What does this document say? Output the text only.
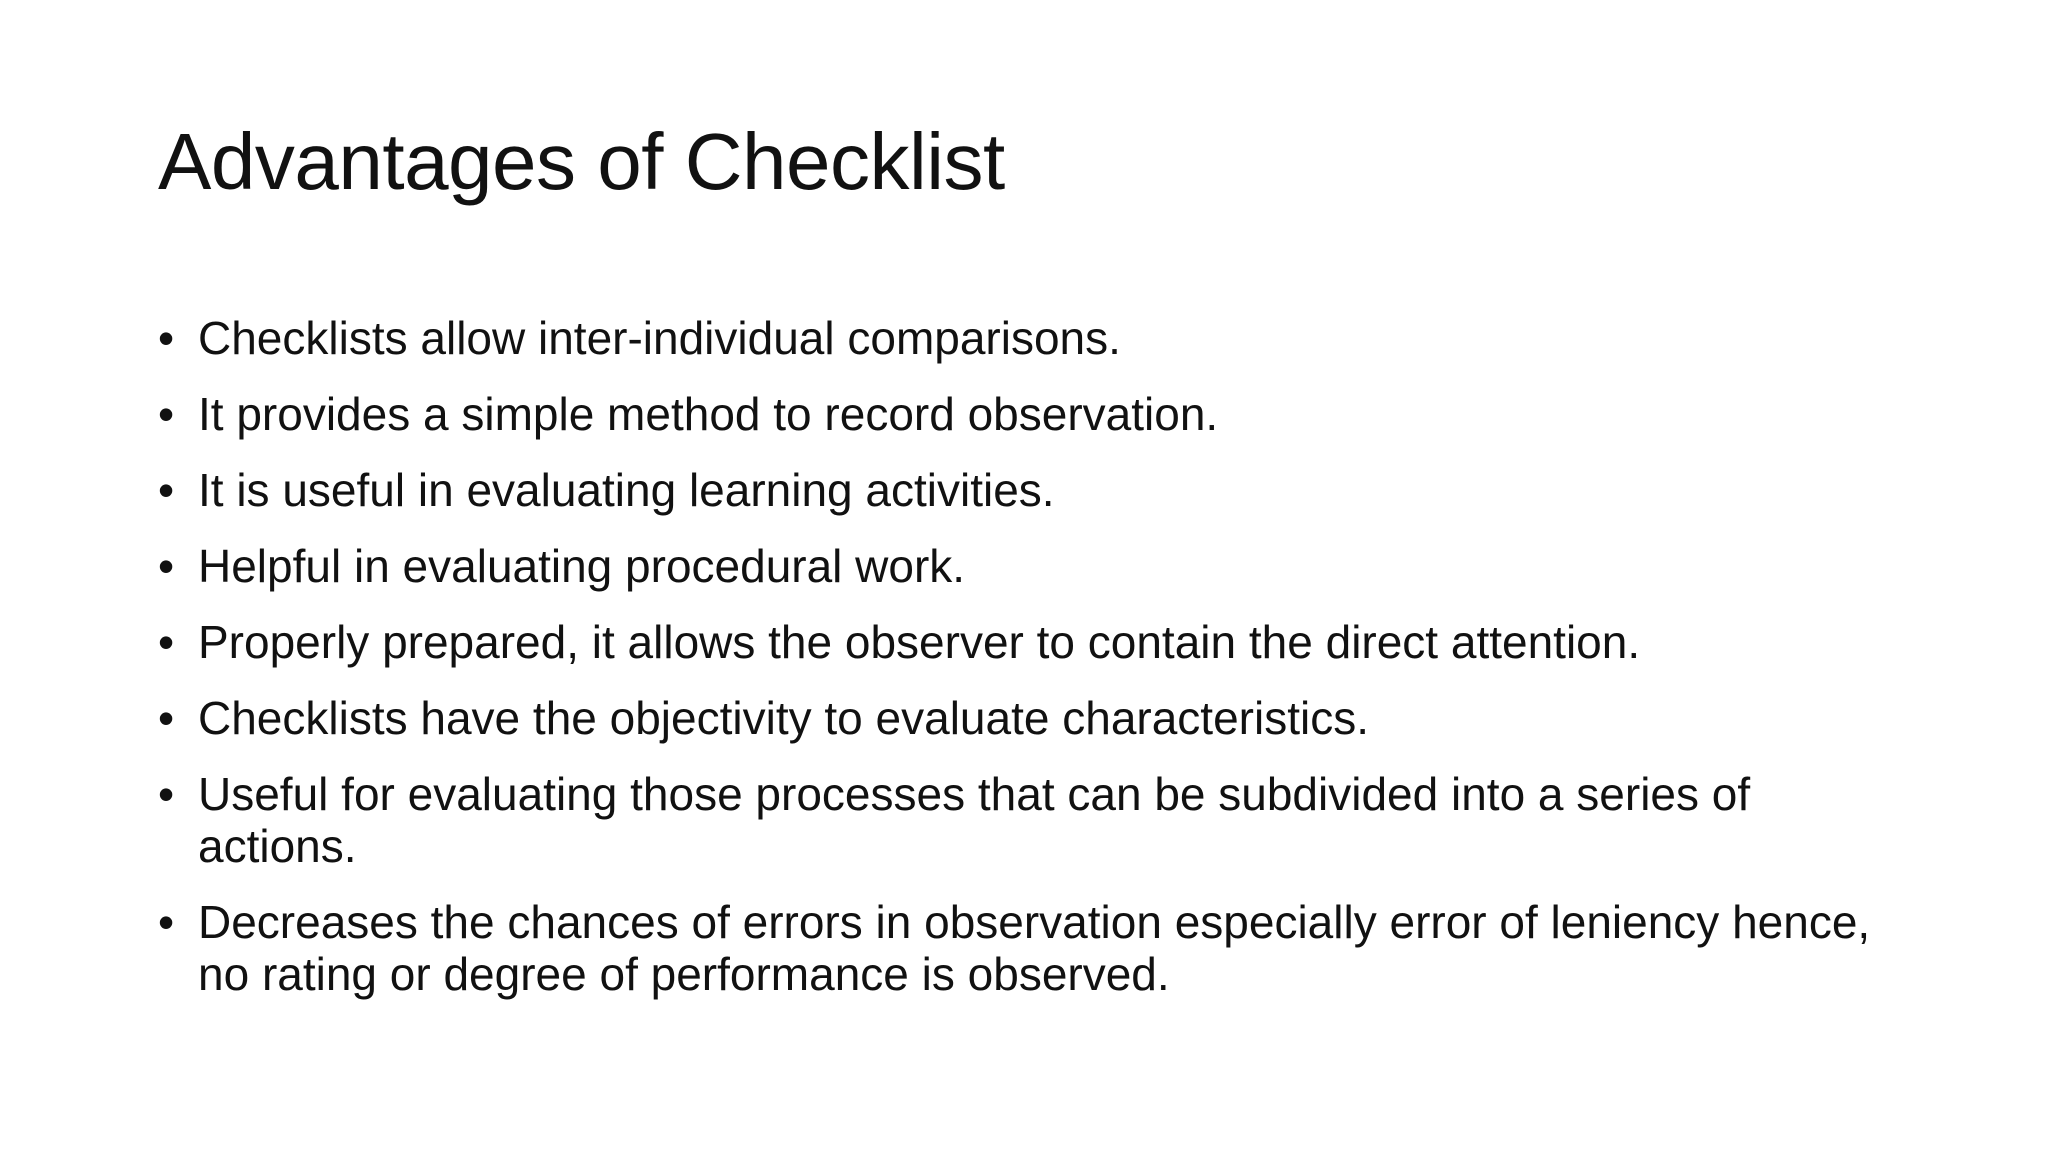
Advantages of Checklist
• Checklists allow inter-individual comparisons.
• It provides a simple method to record observation.
• It is useful in evaluating learning activities.
• Helpful in evaluating procedural work.
• Properly prepared, it allows the observer to contain the direct attention.
• Checklists have the objectivity to evaluate characteristics.
• Useful for evaluating those processes that can be subdivided into a series of actions.
• Decreases the chances of errors in observation especially error of leniency hence, no rating or degree of performance is observed.
